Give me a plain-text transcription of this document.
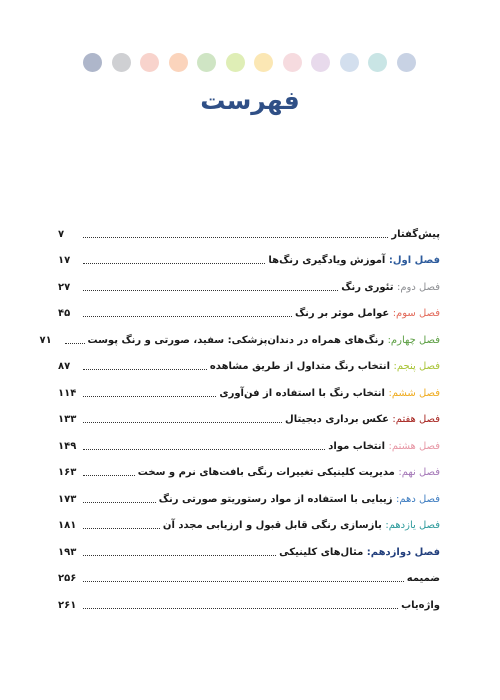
فهرست
پیش‌گفتار
۷
فصل اول: آموزش ویادگیری رنگ‌ها
۱۷
فصل دوم: تئوری رنگ
۲۷
فصل سوم: عوامل موثر بر رنگ
۴۵
فصل چهارم: رنگ‌های همراه در دندان‌پزشکی: سفید، صورتی و رنگ پوست
۷۱
فصل پنجم: انتخاب رنگ متداول از طریق مشاهده
۸۷
فصل ششم: انتخاب رنگ با استفاده از فن‌آوری
۱۱۴
فصل هفتم: عکس برداری دیجیتال
۱۳۳
فصل هشتم: انتخاب مواد
۱۴۹
فصل نهم: مدیریت کلینیکی تغییرات رنگی بافت‌های نرم و سخت
۱۶۳
فصل دهم: زیبایی با استفاده از مواد رستوریتو صورتی رنگ
۱۷۳
فصل یازدهم: بازسازی رنگی قابل قبول و ارزیابی مجدد آن
۱۸۱
فصل دوازدهم: مثال‌های کلینیکی
۱۹۳
ضمیمه
۲۵۶
واژه‌یاب
۲۶۱
